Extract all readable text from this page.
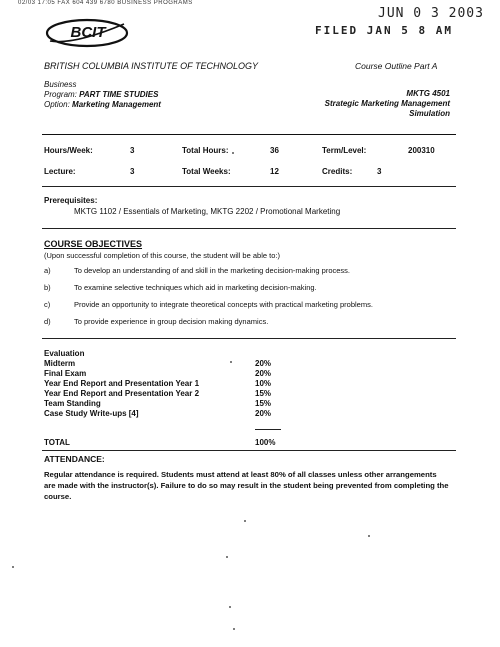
02/03 17:05 FAX 604 439 6780 BUSINESS PROGRAMS
BCIT
JUN 0 3 2003
FILED JAN 5 8 AM
BRITISH COLUMBIA INSTITUTE OF TECHNOLOGY	Course Outline Part A
Business
Program: PART TIME STUDIES
Option: Marketing Management
MKTG 4501
Strategic Marketing Management
Simulation
Hours/Week:	3	Total Hours:	36	Term/Level:	200310
Lecture:	3	Total Weeks:	12	Credits:	3
Prerequisites:
MKTG 1102 / Essentials of Marketing, MKTG 2202 / Promotional Marketing
COURSE OBJECTIVES
(Upon successful completion of this course, the student will be able to:)
a)	To develop an understanding of and skill in the marketing decision-making process.
b)	To examine selective techniques which aid in marketing decision-making.
c)	Provide an opportunity to integrate theoretical concepts with practical marketing problems.
d)	To provide experience in group decision making dynamics.
Evaluation
Midterm	20%
Final Exam	20%
Year End Report and Presentation Year 1	10%
Year End Report and Presentation Year 2	15%
Team Standing	15%
Case Study Write-ups [4]	20%
TOTAL	100%
ATTENDANCE:
Regular attendance is required. Students must attend at least 80% of all classes unless other arrangements are made with the instructor(s). Failure to do so may result in the student being prevented from completing the course.
